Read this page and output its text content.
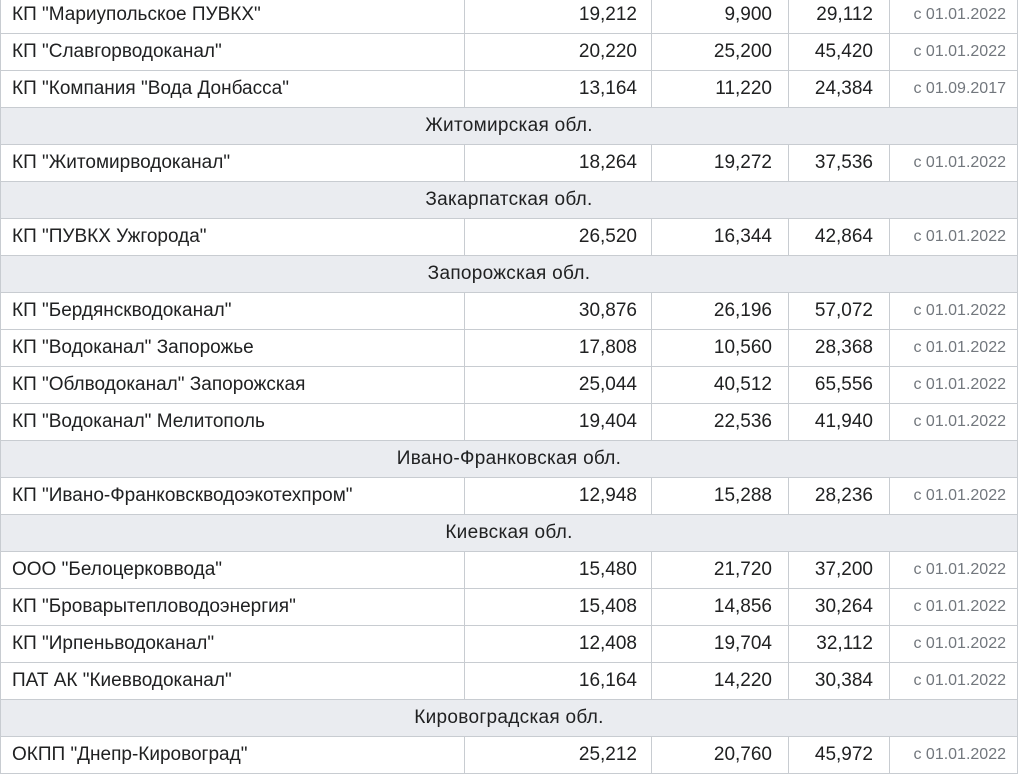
КП "Мариупольское ПУВКХ"	19,212	9,900	29,112	с 01.01.2022
КП "Славгорводоканал"	20,220	25,200	45,420	с 01.01.2022
КП "Компания "Вода Донбасса"	13,164	11,220	24,384	с 01.09.2017
Житомирская обл.				
КП "Житомирводоканал"	18,264	19,272	37,536	с 01.01.2022
Закарпатская обл.				
КП "ПУВКХ Ужгорода"	26,520	16,344	42,864	с 01.01.2022
Запорожская обл.				
КП "Бердянскводоканал"	30,876	26,196	57,072	с 01.01.2022
КП "Водоканал" Запорожье	17,808	10,560	28,368	с 01.01.2022
КП "Облводоканал" Запорожская	25,044	40,512	65,556	с 01.01.2022
КП "Водоканал" Мелитополь	19,404	22,536	41,940	с 01.01.2022
Ивано-Франковская обл.				
КП "Ивано-Франковскводоэкотехпром"	12,948	15,288	28,236	с 01.01.2022
Киевская обл.				
ООО "Белоцерковвода"	15,480	21,720	37,200	с 01.01.2022
КП "Броварытепловодоэнергия"	15,408	14,856	30,264	с 01.01.2022
КП "Ирпеньводоканал"	12,408	19,704	32,112	с 01.01.2022
ПАТ АК "Киевводоканал"	16,164	14,220	30,384	с 01.01.2022
Кировоградская обл.				
ОКПП "Днепр-Кировоград"	25,212	20,760	45,972	с 01.01.2022
